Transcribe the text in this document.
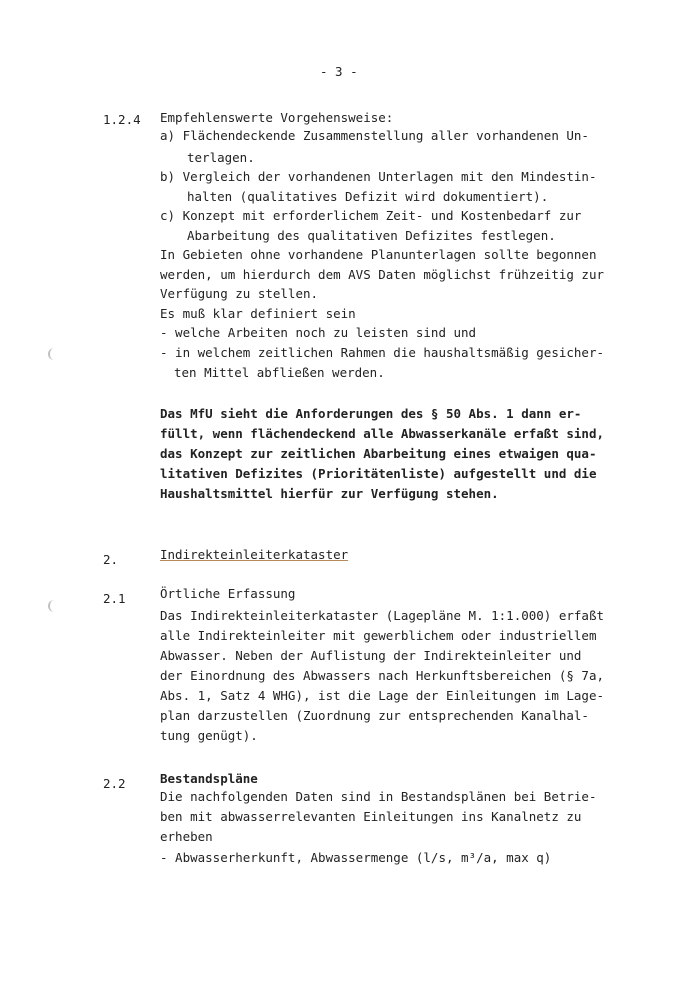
- 3 -
1.2.4 Empfehlenswerte Vorgehensweise:
a) Flächendeckende Zusammenstellung aller vorhandenen Un-
terlagen.
b) Vergleich der vorhandenen Unterlagen mit den Mindestin-
halten (qualitatives Defizit wird dokumentiert).
c) Konzept mit erforderlichem Zeit- und Kostenbedarf zur
Abarbeitung des qualitativen Defizites festlegen.
In Gebieten ohne vorhandene Planunterlagen sollte begonnen
werden, um hierdurch dem AVS Daten möglichst frühzeitig zur
Verfügung zu stellen.
Es muß klar definiert sein
- welche Arbeiten noch zu leisten sind und
- in welchem zeitlichen Rahmen die haushaltsmäßig gesicher-
ten Mittel abfließen werden.
Das MfU sieht die Anforderungen des § 50 Abs. 1 dann er-
füllt, wenn flächendeckend alle Abwasserkanäle erfaßt sind,
das Konzept zur zeitlichen Abarbeitung eines etwaigen qua-
litativen Defizites (Prioritätenliste) aufgestellt und die
Haushaltsmittel hierfür zur Verfügung stehen.
2.	Indirekteinleiterkataster
2.1	Örtliche Erfassung
Das Indirekteinleiterkataster (Lagepläne M. 1:1.000) erfaßt
alle Indirekteinleiter mit gewerblichem oder industriellem
Abwasser. Neben der Auflistung der Indirekteinleiter und
der Einordnung des Abwassers nach Herkunftsbereichen (§ 7a,
Abs. 1, Satz 4 WHG), ist die Lage der Einleitungen im Lage-
plan darzustellen (Zuordnung zur entsprechenden Kanalhal-
tung genügt).
2.2	Bestandspläne
Die nachfolgenden Daten sind in Bestandsplänen bei Betrie-
ben mit abwasserrelevanten Einleitungen ins Kanalnetz zu
erheben
- Abwasserherkunft, Abwassermenge (l/s, m³/a, max q)
